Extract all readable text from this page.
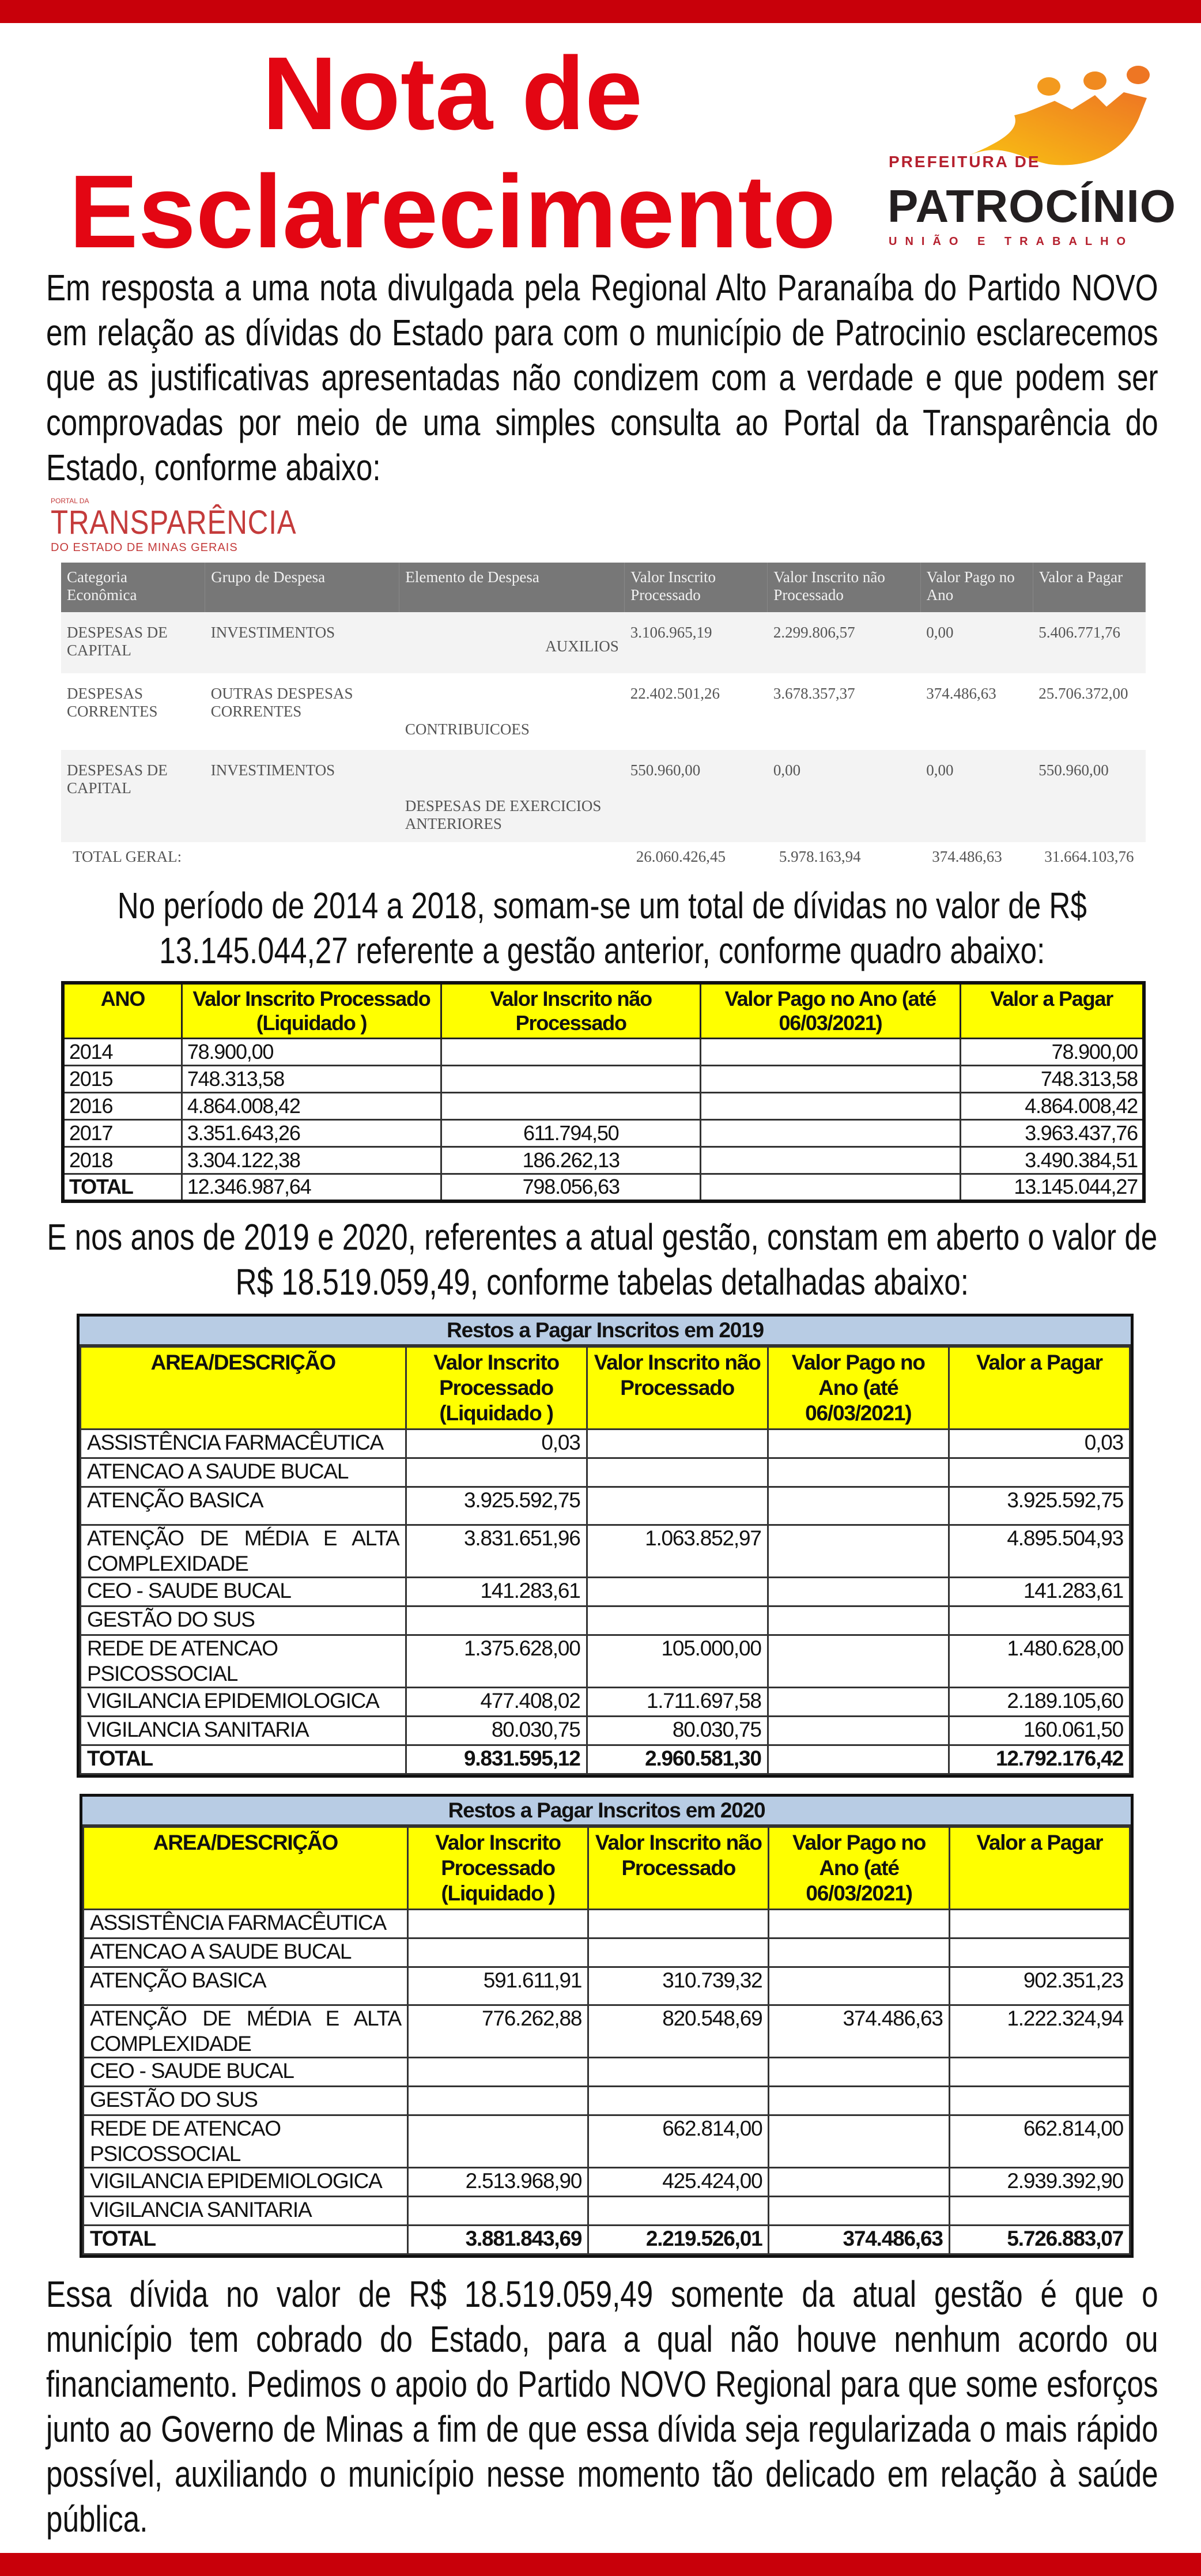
Nota de
Esclarecimento	PREFEITURA DE
PATROCÍNIO
UNIÃO E TRABALHO
Em resposta a uma nota divulgada pela Regional Alto Paranaíba do Partido NOVO em relação as dívidas do Estado para com o município de Patrocinio esclarecemos que as justificativas apresentadas não condizem com a verdade e que podem ser comprovadas por meio de uma simples consulta ao Portal da Transparência do Estado, conforme abaixo:
PORTAL DA
TRANSPARÊNCIA
DO ESTADO DE MINAS GERAIS
Categoria Econômica	Grupo de Despesa	Elemento de Despesa	Valor Inscrito Processado	Valor Inscrito não Processado	Valor Pago no Ano	Valor a Pagar
DESPESAS DE CAPITAL	INVESTIMENTOS	AUXILIOS	3.106.965,19	2.299.806,57	0,00	5.406.771,76
DESPESAS CORRENTES	OUTRAS DESPESAS CORRENTES	CONTRIBUICOES	22.402.501,26	3.678.357,37	374.486,63	25.706.372,00
DESPESAS DE CAPITAL	INVESTIMENTOS	DESPESAS DE EXERCICIOS ANTERIORES	550.960,00	0,00	0,00	550.960,00
TOTAL GERAL:			26.060.426,45	5.978.163,94	374.486,63	31.664.103,76
No período de 2014 a 2018, somam-se um total de dívidas no valor de R$ 13.145.044,27 referente a gestão anterior, conforme quadro abaixo:
ANO	Valor Inscrito Processado (Liquidado )	Valor Inscrito não Processado	Valor Pago no Ano (até 06/03/2021)	Valor a Pagar
2014	78.900,00			78.900,00
2015	748.313,58			748.313,58
2016	4.864.008,42			4.864.008,42
2017	3.351.643,26	611.794,50		3.963.437,76
2018	3.304.122,38	186.262,13		3.490.384,51
TOTAL	12.346.987,64	798.056,63		13.145.044,27
E nos anos de 2019 e 2020, referentes a atual gestão, constam em aberto o valor de R$ 18.519.059,49, conforme tabelas detalhadas abaixo:
Restos a Pagar Inscritos em 2019
AREA/DESCRIÇÃO	Valor Inscrito Processado (Liquidado )	Valor Inscrito não Processado	Valor Pago no Ano (até 06/03/2021)	Valor a Pagar
ASSISTÊNCIA FARMACÊUTICA	0,03			0,03
ATENCAO A SAUDE BUCAL				
ATENÇÃO BASICA	3.925.592,75			3.925.592,75
ATENÇÃO DE MÉDIA E ALTA COMPLEXIDADE	3.831.651,96	1.063.852,97		4.895.504,93
CEO - SAUDE BUCAL	141.283,61			141.283,61
GESTÃO DO SUS				
REDE DE ATENCAO PSICOSSOCIAL	1.375.628,00	105.000,00		1.480.628,00
VIGILANCIA EPIDEMIOLOGICA	477.408,02	1.711.697,58		2.189.105,60
VIGILANCIA SANITARIA	80.030,75	80.030,75		160.061,50
TOTAL	9.831.595,12	2.960.581,30		12.792.176,42
Restos a Pagar Inscritos em 2020
AREA/DESCRIÇÃO	Valor Inscrito Processado (Liquidado )	Valor Inscrito não Processado	Valor Pago no Ano (até 06/03/2021)	Valor a Pagar
ASSISTÊNCIA FARMACÊUTICA				
ATENCAO A SAUDE BUCAL				
ATENÇÃO BASICA	591.611,91	310.739,32		902.351,23
ATENÇÃO DE MÉDIA E ALTA COMPLEXIDADE	776.262,88	820.548,69	374.486,63	1.222.324,94
CEO - SAUDE BUCAL				
GESTÃO DO SUS				
REDE DE ATENCAO PSICOSSOCIAL		662.814,00		662.814,00
VIGILANCIA EPIDEMIOLOGICA	2.513.968,90	425.424,00		2.939.392,90
VIGILANCIA SANITARIA				
TOTAL	3.881.843,69	2.219.526,01	374.486,63	5.726.883,07
Essa dívida no valor de R$ 18.519.059,49 somente da atual gestão é que o município tem cobrado do Estado, para a qual não houve nenhum acordo ou financiamento. Pedimos o apoio do Partido NOVO Regional para que some esforços junto ao Governo de Minas a fim de que essa dívida seja regularizada o mais rápido possível, auxiliando o município nesse momento tão delicado em relação à saúde pública.
